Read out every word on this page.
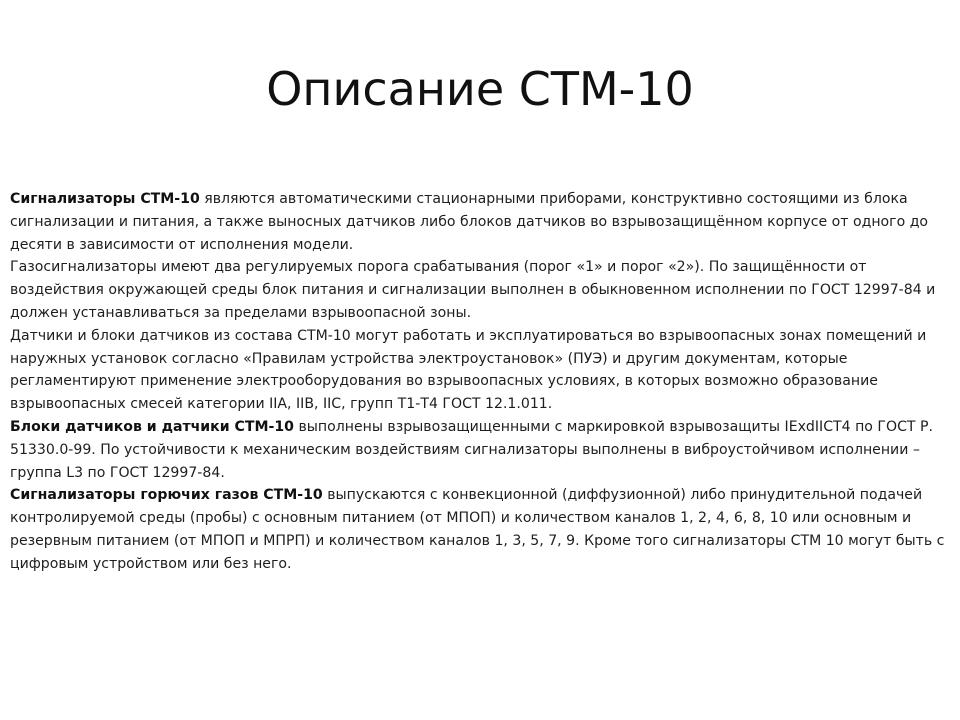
Описание СТМ-10

Сигнализаторы СТМ-10 являются автоматическими стационарными приборами, конструктивно состоящими из блока сигнализации и питания, а также выносных датчиков либо блоков датчиков во взрывозащищённом корпусе от одного до десяти в зависимости от исполнения модели.

Газосигнализаторы имеют два регулируемых порога срабатывания (порог «1» и порог «2»). По защищённости от воздействия окружающей среды блок питания и сигнализации выполнен в обыкновенном исполнении по ГОСТ 12997-84 и должен устанавливаться за пределами взрывоопасной зоны.

Датчики и блоки датчиков из состава СТМ-10 могут работать и эксплуатироваться во взрывоопасных зонах помещений и наружных установок согласно «Правилам устройства электроустановок» (ПУЭ) и другим документам, которые регламентируют применение электрооборудования во взрывоопасных условиях, в которых возможно образование взрывоопасных смесей категории IIA, IIB, IIC, групп Т1-Т4 ГОСТ 12.1.011.

Блоки датчиков и датчики СТМ-10 выполнены взрывозащищенными с маркировкой взрывозащиты IExdIICT4 по ГОСТ Р. 51330.0-99. По устойчивости к механическим воздействиям сигнализаторы выполнены в виброустойчивом исполнении – группа L3 по ГОСТ 12997-84.

Сигнализаторы горючих газов СТМ-10 выпускаются с конвекционной (диффузионной) либо принудительной подачей контролируемой среды (пробы) с основным питанием (от МПОП) и количеством каналов 1, 2, 4, 6, 8, 10 или основным и резервным питанием (от МПОП и МПРП) и количеством каналов 1, 3, 5, 7, 9. Кроме того сигнализаторы СТМ 10 могут быть с цифровым устройством или без него.
